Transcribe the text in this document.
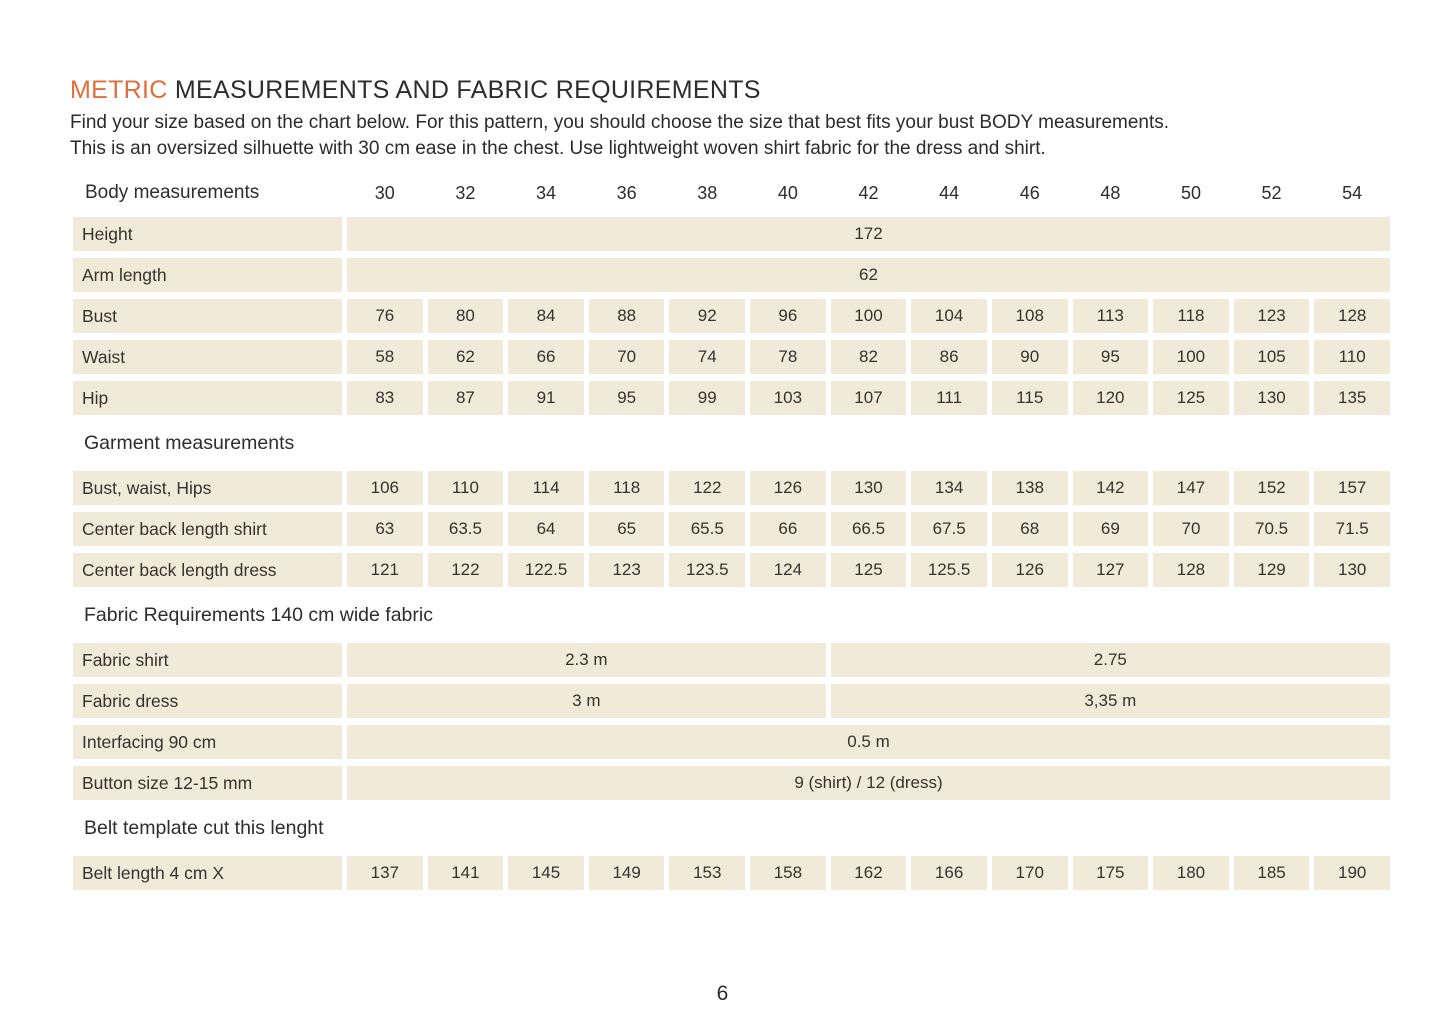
METRIC MEASUREMENTS AND FABRIC REQUIREMENTS

Find your size based on the chart below. For this pattern, you should choose the size that best fits your bust BODY measurements.

This is an oversized silhuette with 30 cm ease in the chest. Use lightweight woven shirt fabric for the dress and shirt.

Body measurements	30	32	34	36	38	40	42	44	46	48	50	52	54
Height	172
Arm length	62
Bust	76	80	84	88	92	96	100	104	108	113	118	123	128
Waist	58	62	66	70	74	78	82	86	90	95	100	105	110
Hip	83	87	91	95	99	103	107	111	115	120	125	130	135
Garment measurements
Bust, waist, Hips	106	110	114	118	122	126	130	134	138	142	147	152	157
Center back length shirt	63	63.5	64	65	65.5	66	66.5	67.5	68	69	70	70.5	71.5
Center back length dress	121	122	122.5	123	123.5	124	125	125.5	126	127	128	129	130
Fabric Requirements 140 cm wide fabric
Fabric shirt	2.3 m	2.75
Fabric dress	3 m	3,35 m
Interfacing 90 cm	0.5 m
Button size 12-15 mm	9 (shirt) / 12 (dress)
Belt template cut this lenght
Belt length 4 cm X	137	141	145	149	153	158	162	166	170	175	180	185	190
6
